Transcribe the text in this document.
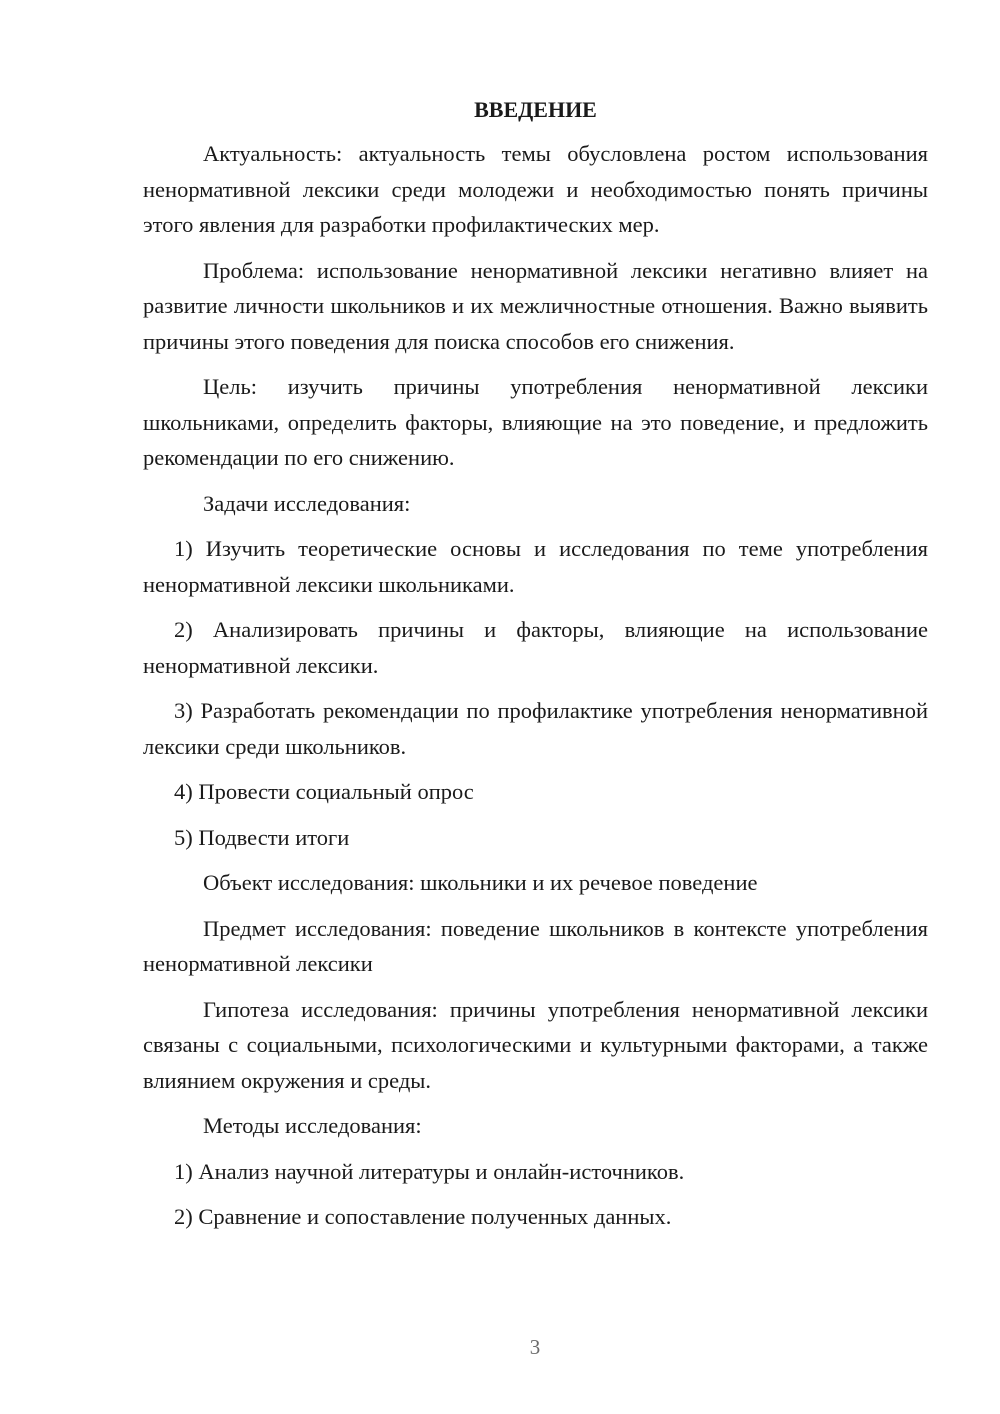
ВВЕДЕНИЕ
Актуальность: актуальность темы обусловлена ростом использования ненормативной лексики среди молодежи и необходимостью понять причины этого явления для разработки профилактических мер.
Проблема: использование ненормативной лексики негативно влияет на развитие личности школьников и их межличностные отношения. Важно выявить причины этого поведения для поиска способов его снижения.
Цель: изучить причины употребления ненормативной лексики школьниками, определить факторы, влияющие на это поведение, и предложить рекомендации по его снижению.
Задачи исследования:
1) Изучить теоретические основы и исследования по теме употребления ненормативной лексики школьниками.
2) Анализировать причины и факторы, влияющие на использование ненормативной лексики.
3) Разработать рекомендации по профилактике употребления ненормативной лексики среди школьников.
4) Провести социальный опрос
5) Подвести итоги
Объект исследования: школьники и их речевое поведение
Предмет исследования: поведение школьников в контексте употребления ненормативной лексики
Гипотеза исследования: причины употребления ненормативной лексики связаны с социальными, психологическими и культурными факторами, а также влиянием окружения и среды.
Методы исследования:
1) Анализ научной литературы и онлайн-источников.
2) Сравнение и сопоставление полученных данных.
3
